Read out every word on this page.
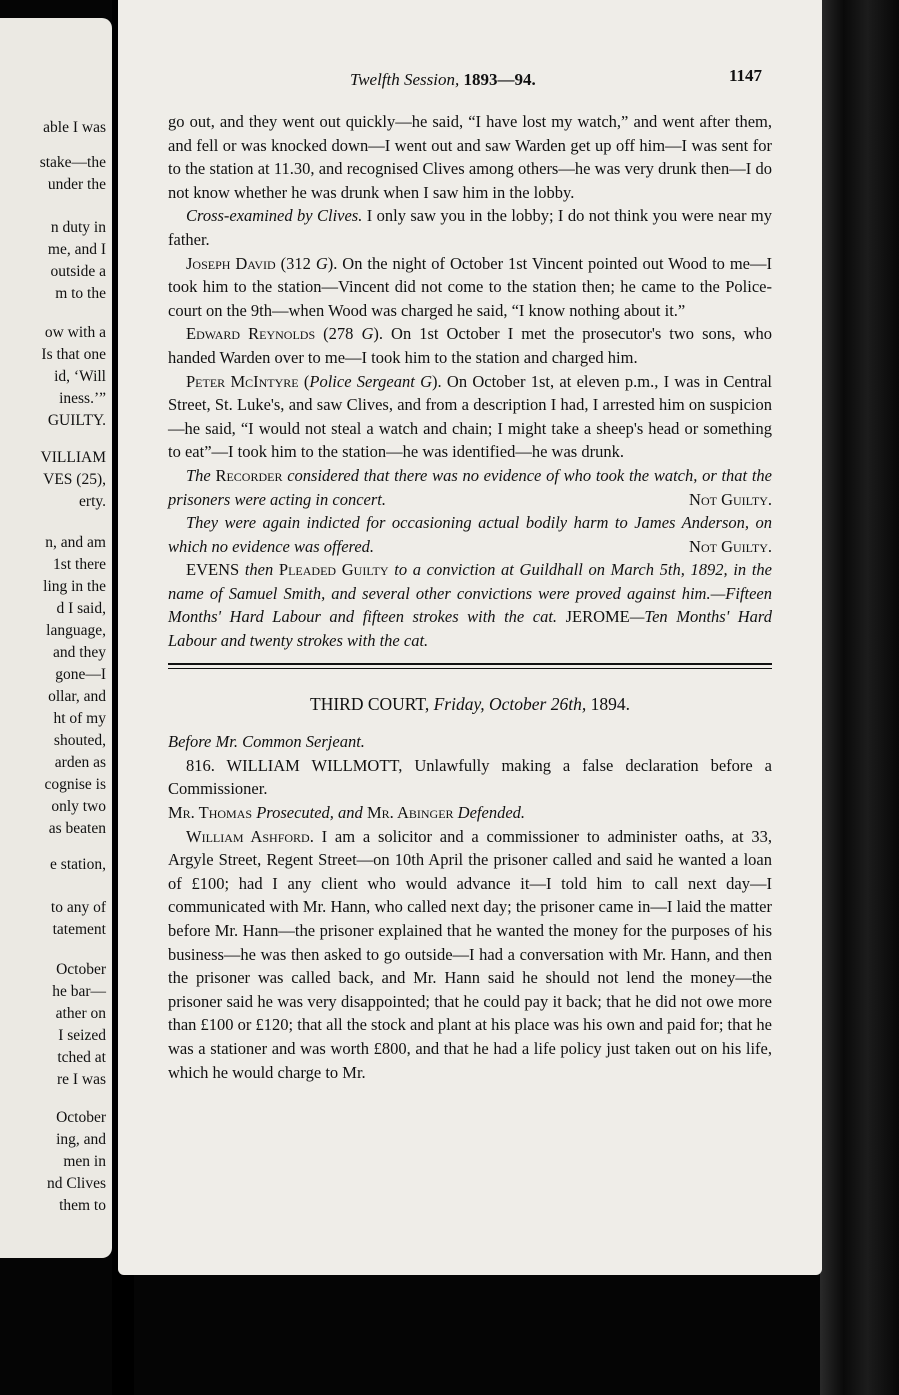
able I was
stake—the
under the
n duty in
me, and I
outside a
m to the
ow with a
Is that one
id, ‘Will
iness.’”
GUILTY.
VILLIAM
VES (25),
erty.
n, and am
1st there
ling in the
d I said,
language,
and they
gone—I
ollar, and
ht of my
shouted,
arden as
cognise is
only two
as beaten
e station,
to any of
tatement
October
he bar—
ather on
I seized
tched at
re I was
October
ing, and
men in
nd Clives
them to
Twelfth Session, 1893—94.	1147

go out, and they went out quickly—he said, “I have lost my watch,” and went after them, and fell or was knocked down—I went out and saw Warden get up off him—I was sent for to the station at 11.30, and recognised Clives among others—he was very drunk then—I do not know whether he was drunk when I saw him in the lobby.

Cross-examined by Clives. I only saw you in the lobby; I do not think you were near my father.

Joseph David (312 G). On the night of October 1st Vincent pointed out Wood to me—I took him to the station—Vincent did not come to the station then; he came to the Police-court on the 9th—when Wood was charged he said, “I know nothing about it.”

Edward Reynolds (278 G). On 1st October I met the prosecutor's two sons, who handed Warden over to me—I took him to the station and charged him.

Peter McIntyre (Police Sergeant G). On October 1st, at eleven p.m., I was in Central Street, St. Luke's, and saw Clives, and from a description I had, I arrested him on suspicion—he said, “I would not steal a watch and chain; I might take a sheep's head or something to eat”—I took him to the station—he was identified—he was drunk.

The Recorder considered that there was no evidence of who took the watch, or that the prisoners were acting in concert.	Not Guilty.

They were again indicted for occasioning actual bodily harm to James Anderson, on which no evidence was offered.	Not Guilty.

EVENS then Pleaded Guilty to a conviction at Guildhall on March 5th, 1892, in the name of Samuel Smith, and several other convictions were proved against him.—Fifteen Months' Hard Labour and fifteen strokes with the cat. JEROME—Ten Months' Hard Labour and twenty strokes with the cat.

THIRD COURT, Friday, October 26th, 1894.

Before Mr. Common Serjeant.

816. WILLIAM WILLMOTT, Unlawfully making a false declaration before a Commissioner.

Mr. Thomas Prosecuted, and Mr. Abinger Defended.

William Ashford. I am a solicitor and a commissioner to administer oaths, at 33, Argyle Street, Regent Street—on 10th April the prisoner called and said he wanted a loan of £100; had I any client who would advance it—I told him to call next day—I communicated with Mr. Hann, who called next day; the prisoner came in—I laid the matter before Mr. Hann—the prisoner explained that he wanted the money for the purposes of his business—he was then asked to go outside—I had a conversation with Mr. Hann, and then the prisoner was called back, and Mr. Hann said he should not lend the money—the prisoner said he was very disappointed; that he could pay it back; that he did not owe more than £100 or £120; that all the stock and plant at his place was his own and paid for; that he was a stationer and was worth £800, and that he had a life policy just taken out on his life, which he would charge to Mr.
